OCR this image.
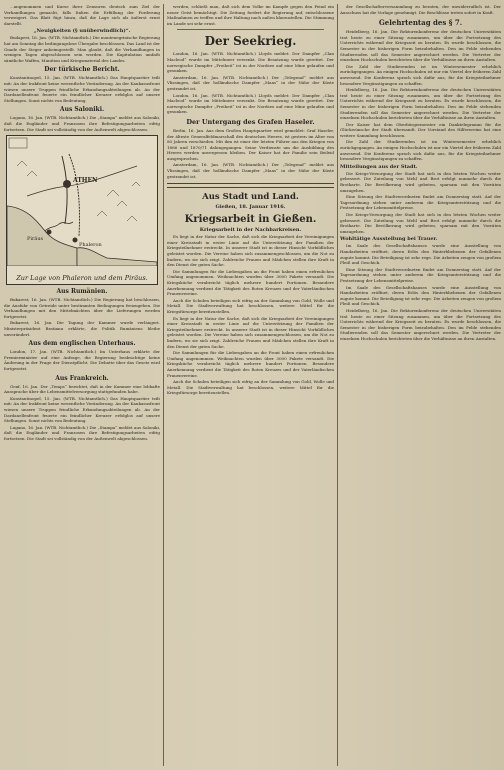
...angenommen und Kurse ihrer Zensuren deutsch zum Ziel der Verhandlungen gemacht, falls Italien die Erfüllung der Forderung verweigert. Das Blatt fügt hinzu, daß die Lage sich als äußerst ernst darstellt.

„Neuigkeiten (§ unüberwindlich)“.

Budapest, 16. Jan. (WTB. Nichtamtlich.) Die montenegrinische Regierung hat am Sonntag die bedingungslose Übergabe beschlossen. Das Land ist der Gnade der Sieger anheimgestellt. Man glaubt, daß die Verhandlungen in wenigen Tagen abgeschlossen sein werden. Die Kapitulation umfaßt sämtliche Waffen, Munition und Kriegsmaterial des Landes.

Der türkische Bericht.

Konstantinopel, 15. Jan. (WTB. Nichtamtlich.) Das Hauptquartier teilt mit: An der Irakfront keine wesentliche Veränderung. An der Kaukasusfront wiesen unsere Truppen feindliche Erkundungsabteilungen ab. An der Dardanellenfront feuerte ein feindlicher Kreuzer erfolglos auf unsere Stellungen. Sonst nichts von Bedeutung.

Aus Saloniki.

Lugano, 16. Jan. (WTB. Nichtamtlich.) Die „Stampa“ meldet aus Saloniki, daß die Engländer und Franzosen ihre Befestigungsarbeiten eifrig fortsetzen. Die Stadt sei vollständig von der Außenwelt abgeschlossen.

ATHEN
Piräus
Phaleron
Zur Lage von Phaleron und dem Piräus.
Aus Rumänien.

Bukarest, 16. Jan. (WTB. Nichtamtlich.) Die Regierung hat beschlossen, die Ausfuhr von Getreide unter bestimmten Bedingungen freizugeben. Die Verhandlungen mit den Mittelmächten über die Lieferungen werden fortgesetzt.

Bukarest, 16. Jan. Die Tagung der Kammer wurde verlängert. Ministerpräsident Bratianu erklärte, die Politik Rumäniens bleibe unverändert.

Aus dem englischen Unterhaus.

London, 17. Jan. (WTB. Nichtamtlich.) Im Unterhaus erklärte der Premierminister auf eine Anfrage, die Regierung beabsichtige keine Änderung in der Frage der Dienstpflicht. Die Debatte über das Gesetz wird fortgesetzt.

Aus Frankreich.

Genf, 16. Jan. Der „Temps“ berichtet, daß in der Kammer eine lebhafte Aussprache über die Lebensmittelversorgung stattgefunden habe.

Konstantinopel, 15. Jan. (WTB. Nichtamtlich.) Das Hauptquartier teilt mit: An der Irakfront keine wesentliche Veränderung. An der Kaukasusfront wiesen unsere Truppen feindliche Erkundungsabteilungen ab. An der Dardanellenfront feuerte ein feindlicher Kreuzer erfolglos auf unsere Stellungen. Sonst nichts von Bedeutung.

Lugano, 16. Jan. (WTB. Nichtamtlich.) Die „Stampa“ meldet aus Saloniki, daß die Engländer und Franzosen ihre Befestigungsarbeiten eifrig fortsetzen. Die Stadt sei vollständig von der Außenwelt abgeschlossen.

werden, schließt man, daß sich dem Volke im Kampfe gegen den Feind ein neuer Geist bemächtigt. Die Zeitung fordert die Regierung auf, entschlossene Maßnahmen zu treffen und ihre Haltung nach außen klarzustellen. Die Stimmung im Lande sei sehr ernst.

Der Seekrieg.

London, 16. Jan. (WTB. Nichtamtlich.) Lloyds meldet: Der Dampfer „Clan Macleod“ wurde im Mittelmeer versenkt. Die Besatzung wurde gerettet. Der norwegische Dampfer „Freiheit“ ist in der Nordsee auf eine Mine gelaufen und gesunken.

Amsterdam, 16. Jan. (WTB. Nichtamtlich.) Der „Telegraaf“ meldet aus Vlissingen, daß der holländische Dampfer „Maas“ in der Nähe der Küste gestrandet ist.

London, 16. Jan. (WTB. Nichtamtlich.) Lloyds meldet: Der Dampfer „Clan Macleod“ wurde im Mittelmeer versenkt. Die Besatzung wurde gerettet. Der norwegische Dampfer „Freiheit“ ist in der Nordsee auf eine Mine gelaufen und gesunken.

Der Untergang des Grafen Haseler.

Berlin, 16. Jan. Aus dem Großen Hauptquartier wird gemeldet: Graf Haseler, der älteste Generalfeldmarschall des deutschen Heeres, ist gestern im Alter von 80 Jahren verschieden. Mit ihm ist einer der letzten Führer aus den Kriegen von 1866 und 1870/71 dahingegangen. Seine Verdienste um die Ausbildung des Heeres werden unvergessen bleiben. Der Kaiser hat der Familie sein Beileid ausgesprochen.

Amsterdam, 16. Jan. (WTB. Nichtamtlich.) Der „Telegraaf“ meldet aus Vlissingen, daß der holländische Dampfer „Maas“ in der Nähe der Küste gestrandet ist.

Aus Stadt und Land.
Gießen, 18. Januar 1916.
Kriegsarbeit in Gießen.
Kriegsarbeit in der Nachbarkreisen.

Es liegt in der Natur der Sache, daß sich die Kriegsarbeit der Vereinigungen einer Kreisstadt in erster Linie auf die Unterstützung der Familien der Kriegsteilnehmer erstreckt. In unserer Stadt ist in dieser Hinsicht Vorbildliches geleistet worden. Die Vereine haben sich zusammengeschlossen, um die Not zu lindern, wo sie sich zeigt. Zahlreiche Frauen und Mädchen stellen ihre Kraft in den Dienst der guten Sache.

Die Sammlungen für die Liebesgaben an die Front haben einen erfreulichen Umfang angenommen. Weihnachten wurden über 3000 Pakete versandt. Die Kriegsküche verabreicht täglich mehrere hundert Portionen. Besondere Anerkennung verdient die Tätigkeit des Roten Kreuzes und der Vaterländischen Frauenvereine.

Auch die Schulen beteiligen sich eifrig an der Sammlung von Gold, Wolle und Metall. Die Stadtverwaltung hat beschlossen, weitere Mittel für die Kriegsfürsorge bereitzustellen.

Es liegt in der Natur der Sache, daß sich die Kriegsarbeit der Vereinigungen einer Kreisstadt in erster Linie auf die Unterstützung der Familien der Kriegsteilnehmer erstreckt. In unserer Stadt ist in dieser Hinsicht Vorbildliches geleistet worden. Die Vereine haben sich zusammengeschlossen, um die Not zu lindern, wo sie sich zeigt. Zahlreiche Frauen und Mädchen stellen ihre Kraft in den Dienst der guten Sache.

Die Sammlungen für die Liebesgaben an die Front haben einen erfreulichen Umfang angenommen. Weihnachten wurden über 3000 Pakete versandt. Die Kriegsküche verabreicht täglich mehrere hundert Portionen. Besondere Anerkennung verdient die Tätigkeit des Roten Kreuzes und der Vaterländischen Frauenvereine.

Auch die Schulen beteiligen sich eifrig an der Sammlung von Gold, Wolle und Metall. Die Stadtverwaltung hat beschlossen, weitere Mittel für die Kriegsfürsorge bereitzustellen.

der Gesellschafterversammlung zu beraten, der unwiderruflich ist. Der Ausschuss hat die Vorlage genehmigt. Die Beschlüsse treten sofort in Kraft.

Gelehrtentag des § 7.

Heidelberg, 16. Jan. Die Rektorenkonferenz der deutschen Universitäten trat heute zu einer Sitzung zusammen, um über die Fortsetzung des Unterrichts während der Kriegszeit zu beraten. Es wurde beschlossen, die Semester in der bisherigen Form beizubehalten. Den im Felde stehenden Studierenden soll das Semester angerechnet werden. Die Vertreter der einzelnen Hochschulen berichteten über die Verhältnisse an ihren Anstalten.

Die Zahl der Studierenden ist im Wintersemester erheblich zurückgegangen. An einigen Hochschulen ist nur ein Viertel der früheren Zahl anwesend. Die Konferenz sprach sich dafür aus, für die Kriegsteilnehmer besondere Vergünstigungen zu schaffen.

Heidelberg, 16. Jan. Die Rektorenkonferenz der deutschen Universitäten trat heute zu einer Sitzung zusammen, um über die Fortsetzung des Unterrichts während der Kriegszeit zu beraten. Es wurde beschlossen, die Semester in der bisherigen Form beizubehalten. Den im Felde stehenden Studierenden soll das Semester angerechnet werden. Die Vertreter der einzelnen Hochschulen berichteten über die Verhältnisse an ihren Anstalten.

Der Kaiser hat dem Oberbürgermeister ein Danktelegramm für die Glückwünsche der Stadt übersandt. Der Vorstand des Hilfsvereins hat eine weitere Sammlung beschlossen.

Die Zahl der Studierenden ist im Wintersemester erheblich zurückgegangen. An einigen Hochschulen ist nur ein Viertel der früheren Zahl anwesend. Die Konferenz sprach sich dafür aus, für die Kriegsteilnehmer besondere Vergünstigungen zu schaffen.

Mitteilungen aus der Stadt.

Die Kriegs-Versorgung der Stadt hat sich in den letzten Wochen weiter gebessert. Die Zuteilung von Mehl und Brot erfolgt nunmehr durch die Brotkarte. Die Bevölkerung wird gebeten, sparsam mit den Vorräten umzugehen.

Eine Sitzung der Stadtverordneten findet am Donnerstag statt. Auf der Tagesordnung stehen unter anderem die Kriegsunterstützung und die Festsetzung der Lebensmittelpreise.

Die Kriegs-Versorgung der Stadt hat sich in den letzten Wochen weiter gebessert. Die Zuteilung von Mehl und Brot erfolgt nunmehr durch die Brotkarte. Die Bevölkerung wird gebeten, sparsam mit den Vorräten umzugehen.

Wohltätige Ausstellung bei Trauer.

Im Saale des Gesellschaftshauses wurde eine Ausstellung von Handarbeiten eröffnet, deren Erlös den Hinterbliebenen der Gefallenen zugute kommt. Die Beteiligung ist sehr rege. Die Arbeiten zeugen von großem Fleiß und Geschick.

Eine Sitzung der Stadtverordneten findet am Donnerstag statt. Auf der Tagesordnung stehen unter anderem die Kriegsunterstützung und die Festsetzung der Lebensmittelpreise.

Im Saale des Gesellschaftshauses wurde eine Ausstellung von Handarbeiten eröffnet, deren Erlös den Hinterbliebenen der Gefallenen zugute kommt. Die Beteiligung ist sehr rege. Die Arbeiten zeugen von großem Fleiß und Geschick.

Heidelberg, 16. Jan. Die Rektorenkonferenz der deutschen Universitäten trat heute zu einer Sitzung zusammen, um über die Fortsetzung des Unterrichts während der Kriegszeit zu beraten. Es wurde beschlossen, die Semester in der bisherigen Form beizubehalten. Den im Felde stehenden Studierenden soll das Semester angerechnet werden. Die Vertreter der einzelnen Hochschulen berichteten über die Verhältnisse an ihren Anstalten.
